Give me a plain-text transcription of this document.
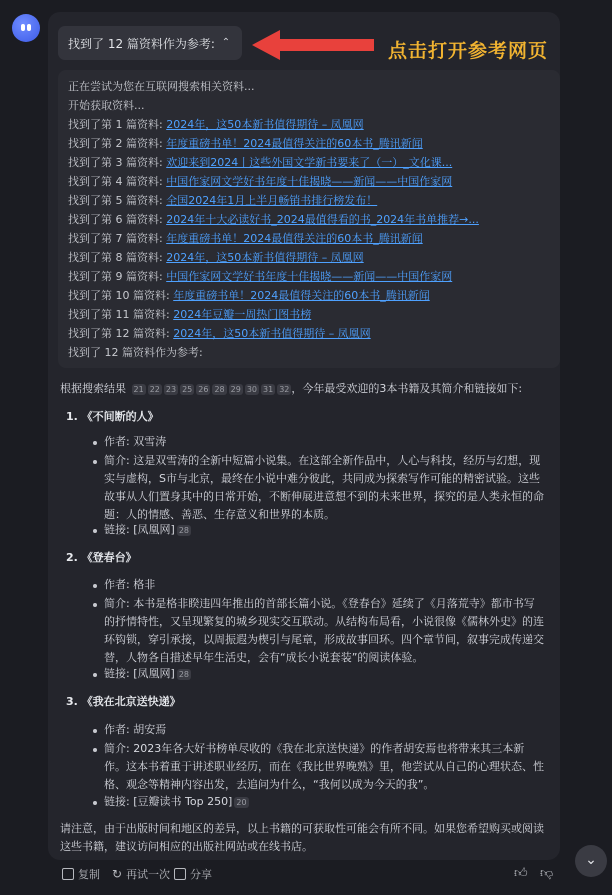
找到了 12 篇资料作为参考: ⌃	点击打开参考网页
正在尝试为您在互联网搜索相关资料...
开始获取资料...
找到了第 1 篇资料: 2024年，这50本新书值得期待 – 凤凰网
找到了第 2 篇资料: 年度重磅书单！2024最值得关注的60本书_腾讯新闻
找到了第 3 篇资料: 欢迎来到2024丨这些外国文学新书要来了（一）_文化课...
找到了第 4 篇资料: 中国作家网文学好书年度十佳揭晓——新闻——中国作家网
找到了第 5 篇资料: 全国2024年1月上半月畅销书排行榜发布！
找到了第 6 篇资料: 2024年十大必读好书_2024最值得看的书_2024年书单推荐→...
找到了第 7 篇资料: 年度重磅书单！2024最值得关注的60本书_腾讯新闻
找到了第 8 篇资料: 2024年，这50本新书值得期待 – 凤凰网
找到了第 9 篇资料: 中国作家网文学好书年度十佳揭晓——新闻——中国作家网
找到了第 10 篇资料: 年度重磅书单！2024最值得关注的60本书_腾讯新闻
找到了第 11 篇资料: 2024年豆瓣一周热门图书榜
找到了第 12 篇资料: 2024年，这50本新书值得期待 – 凤凰网
找到了 12 篇资料作为参考:
根据搜索结果 21 22 23 25 26 28 29 30 31 32 ，今年最受欢迎的3本书籍及其简介和链接如下:
1. 《不间断的人》
作者: 双雪涛
简介: 这是双雪涛的全新中短篇小说集。在这部全新作品中，人心与科技，经历与幻想，现
实与虚构，S市与北京，最终在小说中难分彼此，共同成为探索写作可能的精密试验。这些
故事从人们置身其中的日常开始，不断伸展进意想不到的未来世界，探究的是人类永恒的命
题：人的情感、善恶、生存意义和世界的本质。
链接: [凤凰网] 28
2. 《登春台》
作者: 格非
简介: 本书是格非睽违四年推出的首部长篇小说。《登春台》延续了《月落荒寺》都市书写
的抒情特性，又呈现繁复的城乡现实交互联动。从结构布局看，小说很像《儒林外史》的连
环钩锁，穿引承接，以周振遐为楔引与尾章，形成故事回环。四个章节间，叙事完成传递交
替，人物各自措述早年生活史，会有“成长小说套装”的阅读体验。
链接: [凤凰网] 28
3. 《我在北京送快递》
作者: 胡安焉
简介: 2023年各大好书榜单尽收的《我在北京送快递》的作者胡安焉也将带来其三本新
作。这本书着重于讲述职业经历，而在《我比世界晚熟》里，他尝试从自己的心理状态、性
格、观念等精神内容出发，去追问为什么，“我何以成为今天的我”。
链接: [豆瓣读书 Top 250] 20
请注意，由于出版时间和地区的差异，以上书籍的可获取性可能会有所不同。如果您希望购买或阅读
这些书籍，建议访问相应的出版社网站或在线书店。
复制 ↻ 再试一次 分享	👍︎ 👎︎
⌄
